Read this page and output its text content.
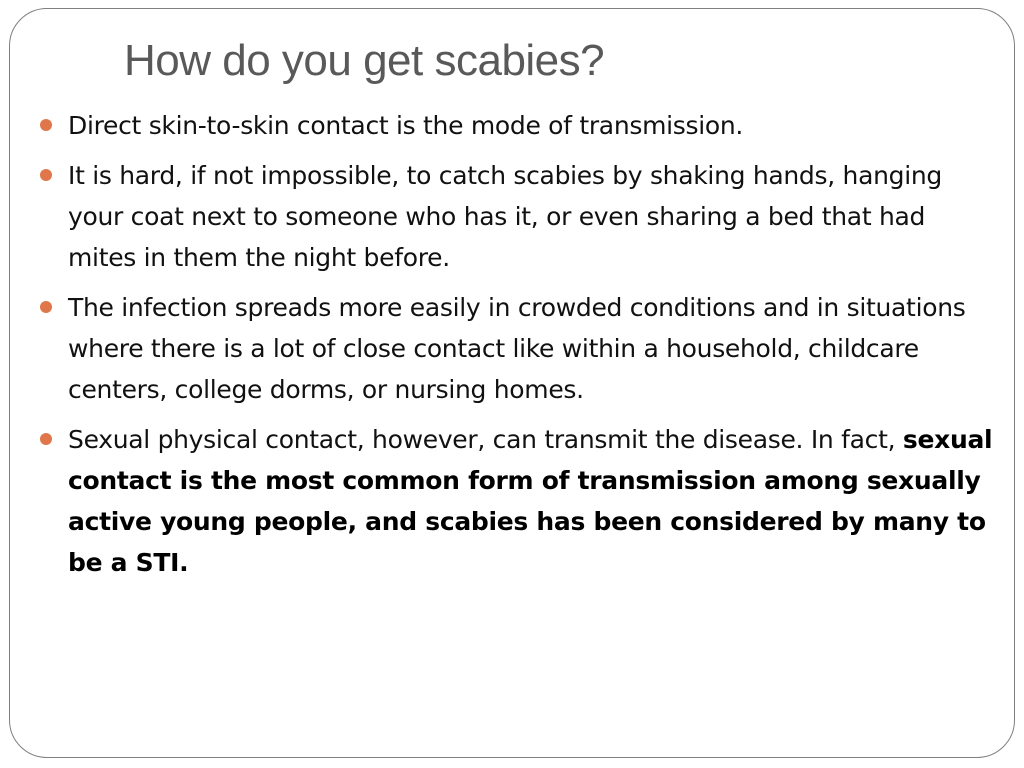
How do you get scabies?
Direct skin-to-skin contact is the mode of transmission.
It is hard, if not impossible, to catch scabies by shaking hands, hanging your coat next to someone who has it, or even sharing a bed that had mites in them the night before.
The infection spreads more easily in crowded conditions and in situations where there is a lot of close contact like within a household, childcare centers, college dorms, or nursing homes.
Sexual physical contact, however, can transmit the disease. In fact, sexual contact is the most common form of transmission among sexually active young people, and scabies has been considered by many to be a STI.
